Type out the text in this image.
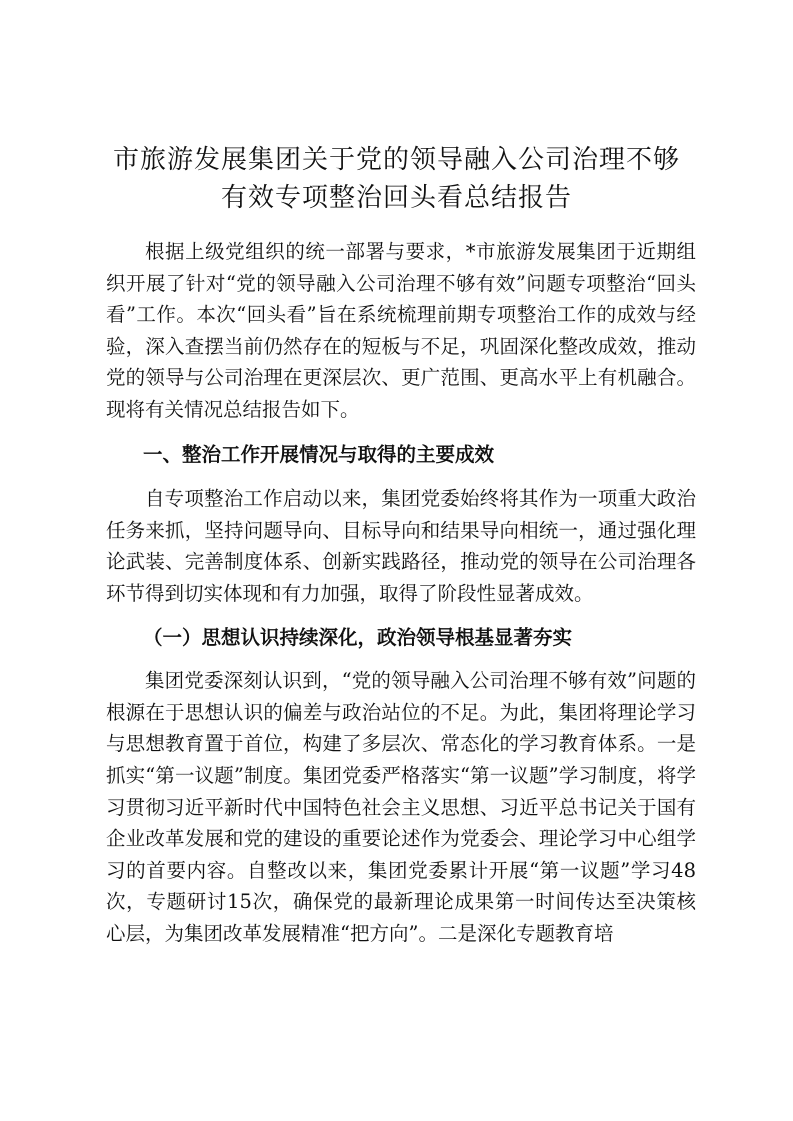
市旅游发展集团关于党的领导融入公司治理不够有效专项整治回头看总结报告

根据上级党组织的统一部署与要求，*市旅游发展集团于近期组织开展了针对“党的领导融入公司治理不够有效”问题专项整治“回头看”工作。本次“回头看”旨在系统梳理前期专项整治工作的成效与经验，深入查摆当前仍然存在的短板与不足，巩固深化整改成效，推动党的领导与公司治理在更深层次、更广范围、更高水平上有机融合。现将有关情况总结报告如下。

一、整治工作开展情况与取得的主要成效

自专项整治工作启动以来，集团党委始终将其作为一项重大政治任务来抓，坚持问题导向、目标导向和结果导向相统一，通过强化理论武装、完善制度体系、创新实践路径，推动党的领导在公司治理各环节得到切实体现和有力加强，取得了阶段性显著成效。

（一）思想认识持续深化，政治领导根基显著夯实

集团党委深刻认识到，“党的领导融入公司治理不够有效”问题的根源在于思想认识的偏差与政治站位的不足。为此，集团将理论学习与思想教育置于首位，构建了多层次、常态化的学习教育体系。一是抓实“第一议题”制度。集团党委严格落实“第一议题”学习制度，将学习贯彻习近平新时代中国特色社会主义思想、习近平总书记关于国有企业改革发展和党的建设的重要论述作为党委会、理论学习中心组学习的首要内容。自整改以来，集团党委累计开展“第一议题”学习48次，专题研讨15次，确保党的最新理论成果第一时间传达至决策核心层，为集团改革发展精准“把方向”。二是深化专题教育培
